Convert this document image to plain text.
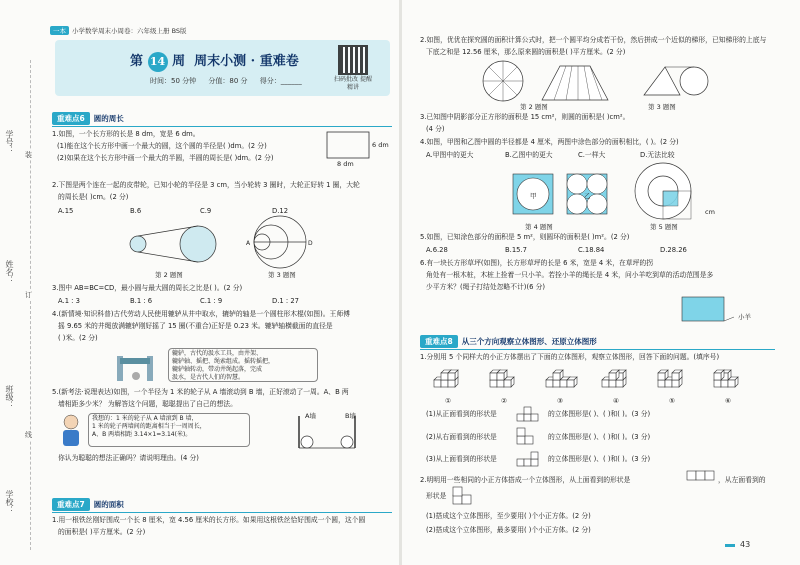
学号：
姓名：
班级：
学校：
装
订
线
一本 小学数学周末小周卷：六年级上册 BS版
第 14 周 周末小测 · 重难卷
时间：50 分钟 分值：80 分 得分：______	扫码批改 提醒精讲
重难点6 圆的周长
1.如图，一个长方形的长是 8 dm，宽是 6 dm。
(1)能在这个长方形中画一个最大的圆，这个圆的半径是( )dm。(2 分)
(2)如果在这个长方形中画一个最大的半圆，半圆的周长是( )dm。(2 分)
6 dm
8 dm
2.下图是两个连在一起的皮带轮，已知小轮的半径是 3 cm，当小轮转 3 圈时，大轮正好转 1 圈，大轮
的周长是( )cm。(2 分)
A.15	B.6	C.9	D.12
第 2 题图
A	D
第 3 题图
3.图中 AB=BC=CD，最小圆与最大圆的周长之比是( )。(2 分)
A.1 : 3	B.1 : 6	C.1 : 9	D.1 : 27
4.(新情境·知识科普)古代劳动人民使用辘轳从井中取水，辘轳的轴是一个圆柱形木棍(如图)。王师傅
摇 9.65 米的井绳放满辘轳刚好摇了 15 圈(不重合)正好是 0.23 米。辘轳轴横截面的直径是
( )米。(2 分)
辘轳，古代的汲水工具，由井架、
辘轳轴、摇把、绳索组成。摇转摇把，
辘轳轴转动，带动井绳起落，完成
汲水，是古代人们的智慧。
5.(新考法·说理表达)如图，一个半径为 1 米的轮子从 A 墙滚动到 B 墙，正好滚动了一周。A、B 两
墙相距多少米？ 为解答这个问题，聪聪提出了自己的想法。
我想的：1 米的轮子从 A 墙滚到 B 墙，
1 米的轮子两墙间的距离相当于一周周长，
A、B 两墙相距 3.14×1=3.14(米)。
A墙	B墙
你认为聪聪的想法正确吗？请说明理由。(4 分)
重难点7 圆的面积
1.用一根铁丝刚好围成一个长 8 厘米，宽 4.56 厘米的长方形。如果用这根铁丝恰好围成一个圆，这个圆
的面积是( )平方厘米。(2 分)
2.如图，优优在探究圆的面积计算公式时，把一个圆平均分成若干份，然后拼成一个近似的梯形，已知梯形的上底与
下底之和是 12.56 厘米，那么原来圆的面积是( )平方厘米。(2 分)
第 2 题图	第 3 题图
3.已知图中阴影部分正方形的面积是 15 cm²，则圆的面积是( )cm²。
(4 分)
4.如图，甲图和乙图中圆的半径都是 4 厘米，两图中涂色部分的面积相比，( )。(2 分)
A.甲图中的更大	B.乙图中的更大	C.一样大	D.无法比较
甲	乙
cm
第 4 题图	第 5 题图
5.如图，已知涂色部分的面积是 5 m²，则圆环的面积是( )m²。(2 分)
A.6.28	B.15.7	C.18.84	D.28.26
6.有一块长方形草坪(如图)，长方形草坪的长是 6 米，宽是 4 米，在草坪的拐
角处有一根木桩，木桩上拴着一只小羊。若拴小羊的绳长是 4 米，问小羊吃到草的活动范围是多
少平方米？(绳子打结处忽略不计)(6 分)
小羊
重难点8 从三个方向观察立体图形、还原立体图形
1.分别用 5 个同样大的小正方体摆出了下面的立体图形，观察立体图形，回答下面的问题。(填序号)
①	②	③	④	⑤	⑥
(1)从正面看到的形状是	的立体图形是( )、( )和( )。(3 分)
(2)从右面看到的形状是	的立体图形是( )、( )和( )。(3 分)
(3)从上面看到的形状是	的立体图形是( )、( )和( )。(3 分)
2.明明用一些相同的小正方体搭成一个立体图形，从上面看到的形状是	，从左面看到的
形状是
(1)搭成这个立体图形，至少要用( )个小正方体。(2 分)
(2)搭成这个立体图形，最多要用( )个小正方体。(2 分)
43
